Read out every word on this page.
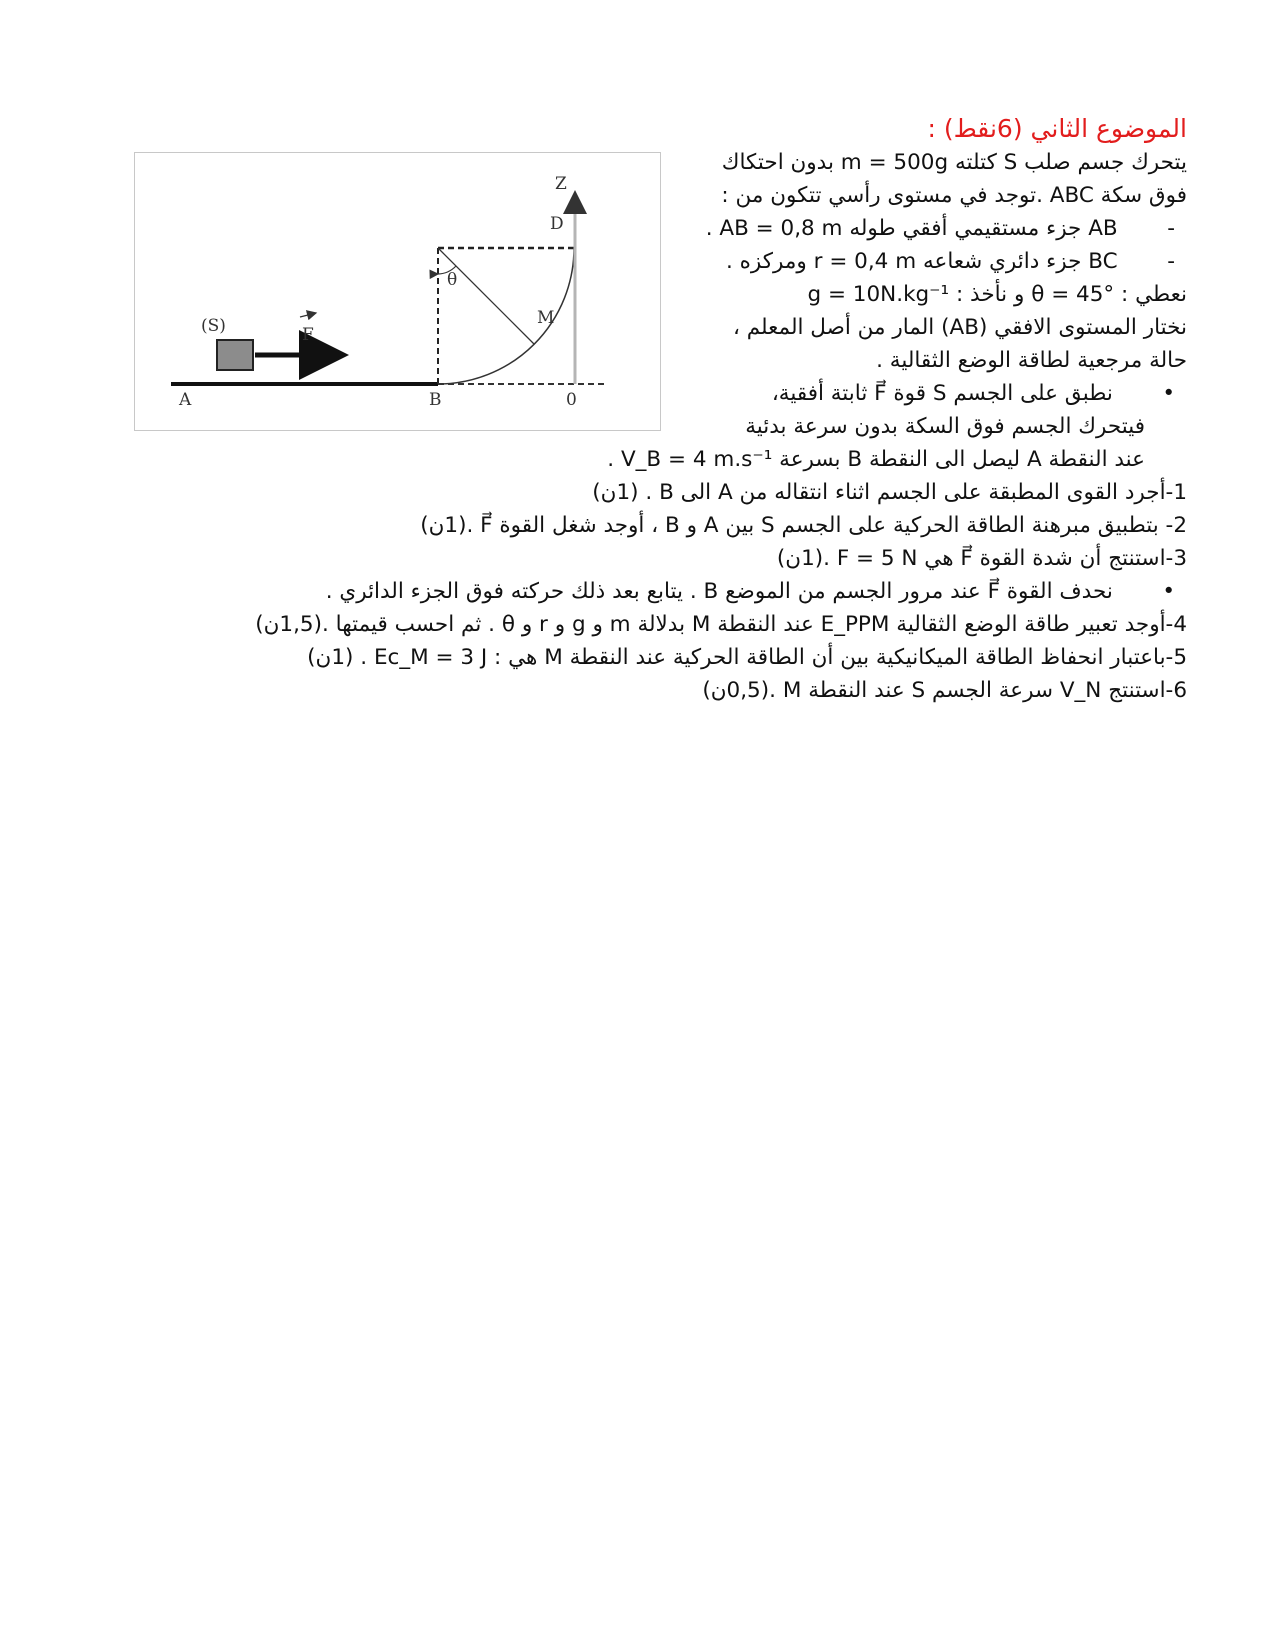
الموضوع الثاني (6نقط) :
يتحرك جسم صلب S كتلته m = 500g بدون احتكاك
فوق سكة ABC .توجد في مستوى رأسي تتكون من :
-    AB جزء مستقيمي أفقي طوله AB = 0,8 m .
-    BC جزء دائري شعاعه r = 0,4 m ومركزه .
نعطي : θ = 45° و نأخذ : g = 10N.kg⁻¹
نختار المستوى الافقي (AB) المار من أصل المعلم ،
حالة مرجعية لطاقة الوضع الثقالية .
•     نطبق على الجسم S قوة F⃗ ثابتة أفقية،
فيتحرك الجسم فوق السكة بدون سرعة بدئية
عند النقطة A ليصل الى النقطة B بسرعة V_B = 4 m.s⁻¹ .
1-أجرد القوى المطبقة على الجسم اثناء انتقاله من A الى B . (1ن)
2- بتطبيق مبرهنة الطاقة الحركية على الجسم S بين A و B ، أوجد شغل القوة F⃗ .(1ن)
3-استنتج أن شدة القوة F⃗ هي F = 5 N .(1ن)
•     نحدف القوة F⃗ عند مرور الجسم من الموضع B . يتابع بعد ذلك حركته فوق الجزء الدائري .
4-أوجد تعبير طاقة الوضع الثقالية E_PPM عند النقطة M بدلالة m و g و r و θ . ثم احسب قيمتها .(1,5ن)
5-باعتبار انحفاظ الطاقة الميكانيكية بين أن الطاقة الحركية عند النقطة M هي : Ec_M = 3 J . (1ن)
6-استنتج V_N سرعة الجسم S عند النقطة M .(0,5ن)
(S)	F
A	B	0
D
Z
M
θ
